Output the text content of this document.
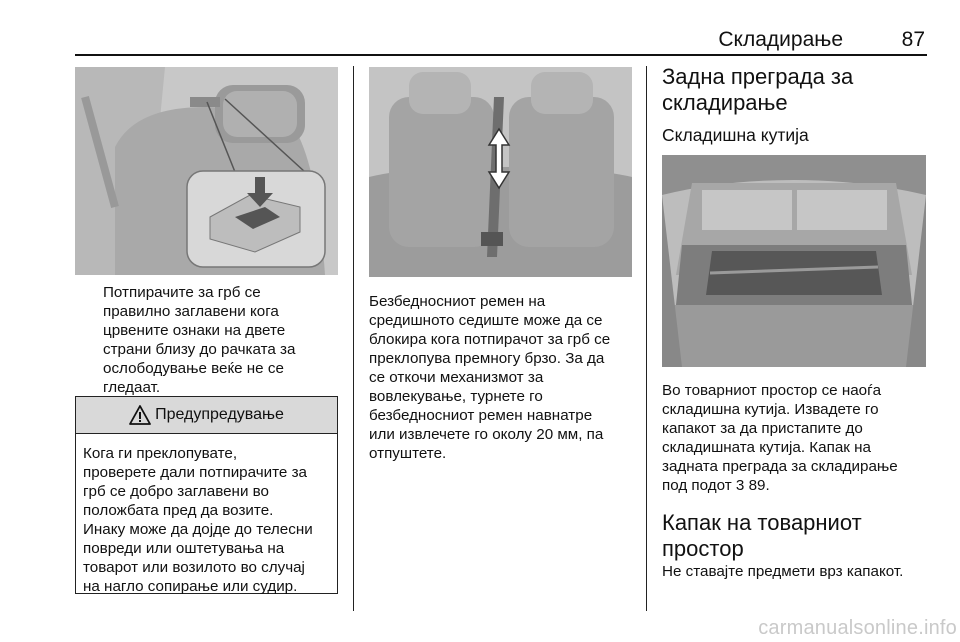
Складирање	87
Потпирачите за грб се
правилно заглавени кога
црвените ознаки на двете
страни близу до рачката за
ослободување веќе не се
гледаат.
Предупредување
Кога ги преклопувате,
проверете дали потпирачите за
грб се добро заглавени во
положбата пред да возите.
Инаку може да дојде до телесни
повреди или оштетувања на
товарот или возилото во случај
на нагло сопирање или судир.
Безбедносниот ремен на
средишното седиште може да се
блокира кога потпирачот за грб се
преклопува премногу брзо. За да
се откочи механизмот за
вовлекување, турнете го
безбедносниот ремен навнатре
или извлечете го околу 20 мм, па
отпуштете.
Задна преграда за
складирање
Складишна кутија
Во товарниот простор се наоѓа
складишна кутија. Извадете го
капакот за да пристапите до
складишната кутија. Капак на
задната преграда за складирање
под подот 3 89.
Капак на товарниот
простор
Не ставајте предмети врз капакот.
carmanualsonline.info
